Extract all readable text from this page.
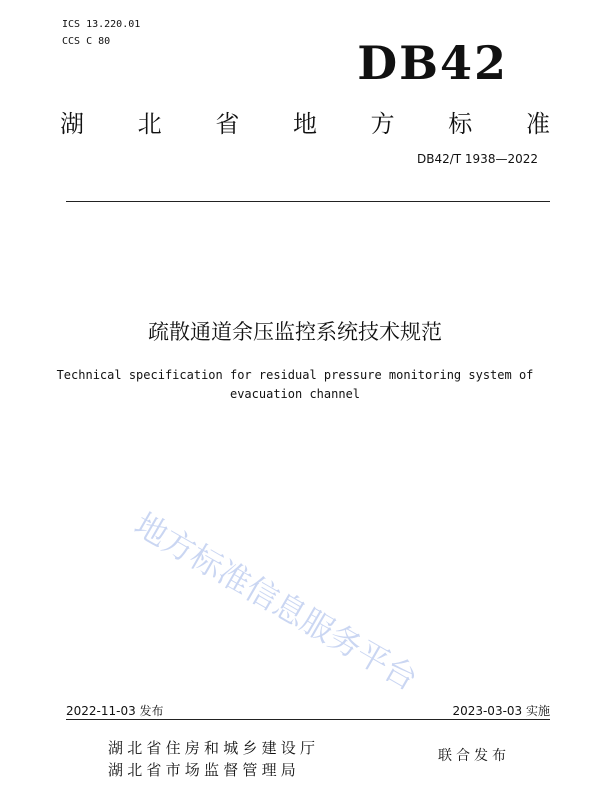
ICS 13.220.01
CCS C 80	DB42
湖 北 省 地 方 标 准
DB42/T 1938—2022
疏散通道余压监控系统技术规范
Technical specification for residual pressure monitoring system of
evacuation channel
地方标准信息服务平台
2022-11-03 发布	2023-03-03 实施
湖北省住房和城乡建设厅
湖北省市场监督管理局
联合发布
